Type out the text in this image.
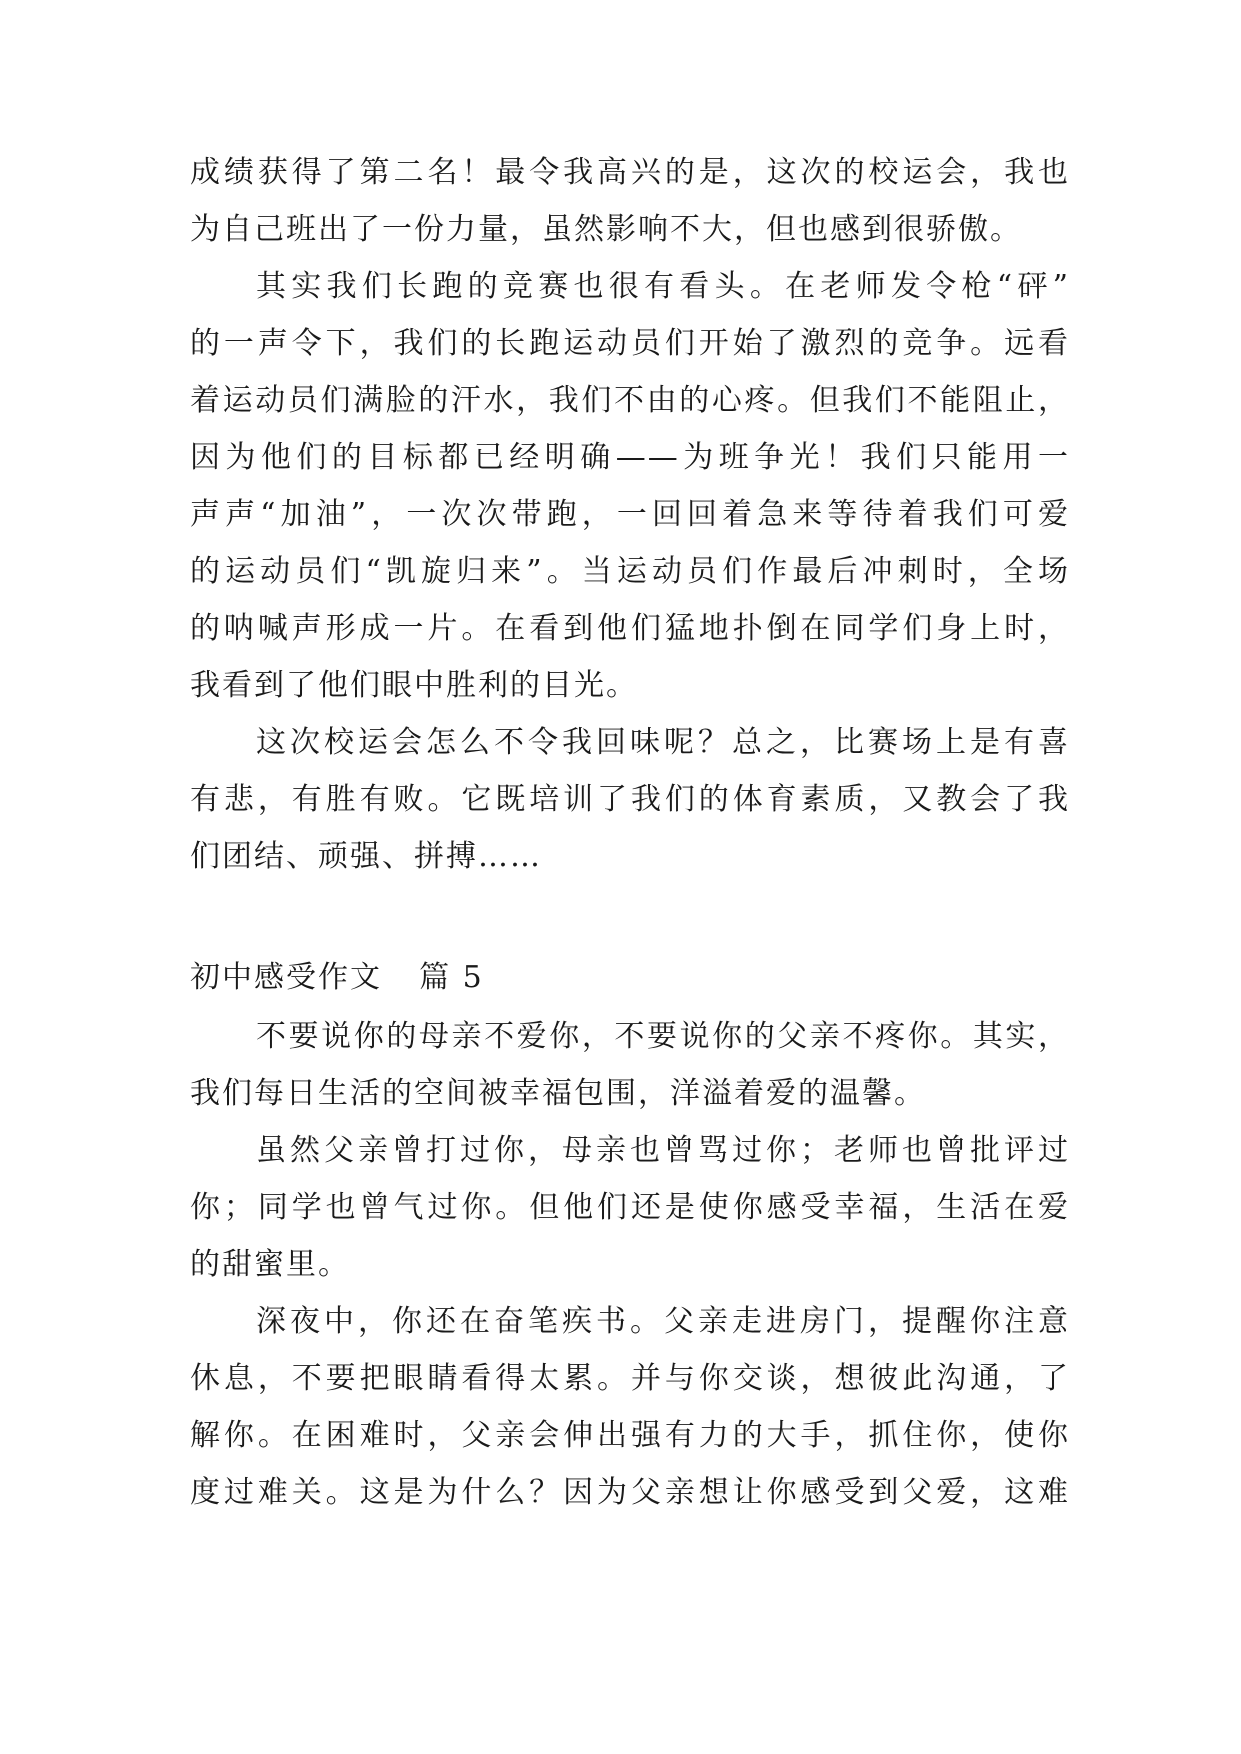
成绩获得了第二名！最令我高兴的是，这次的校运会，我也
为自己班出了一份力量，虽然影响不大，但也感到很骄傲。
其实我们长跑的竞赛也很有看头。在老师发令枪“砰”
的一声令下，我们的长跑运动员们开始了激烈的竞争。远看
着运动员们满脸的汗水，我们不由的心疼。但我们不能阻止，
因为他们的目标都已经明确——为班争光！我们只能用一
声声“加油”，一次次带跑，一回回着急来等待着我们可爱
的运动员们“凯旋归来”。当运动员们作最后冲刺时，全场
的呐喊声形成一片。在看到他们猛地扑倒在同学们身上时，
我看到了他们眼中胜利的目光。
这次校运会怎么不令我回味呢？总之，比赛场上是有喜
有悲，有胜有败。它既培训了我们的体育素质，又教会了我
们团结、顽强、拼搏……
初中感受作文 篇 5
不要说你的母亲不爱你，不要说你的父亲不疼你。其实，
我们每日生活的空间被幸福包围，洋溢着爱的温馨。
虽然父亲曾打过你，母亲也曾骂过你；老师也曾批评过
你；同学也曾气过你。但他们还是使你感受幸福，生活在爱
的甜蜜里。
深夜中，你还在奋笔疾书。父亲走进房门，提醒你注意
休息，不要把眼睛看得太累。并与你交谈，想彼此沟通，了
解你。在困难时，父亲会伸出强有力的大手，抓住你，使你
度过难关。这是为什么？因为父亲想让你感受到父爱，这难
